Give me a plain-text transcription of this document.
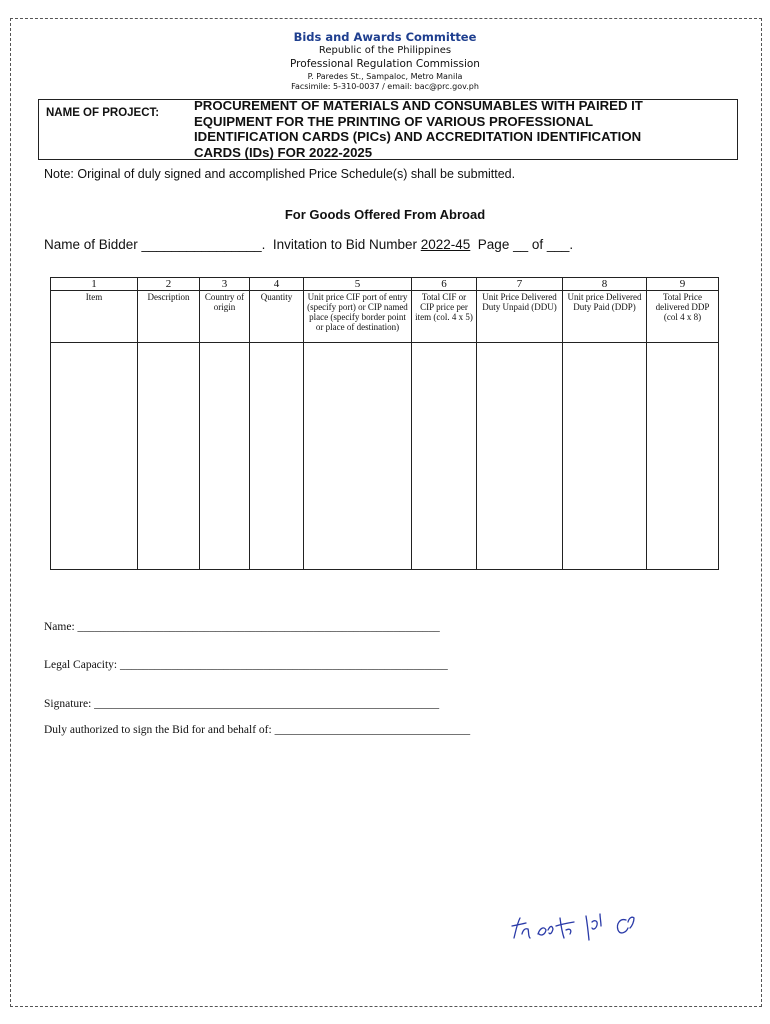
Bids and Awards Committee
Republic of the Philippines
Professional Regulation Commission
P. Paredes St., Sampaloc, Metro Manila
Facsimile: 5-310-0037 / email: bac@prc.gov.ph
NAME OF PROJECT:	PROCUREMENT OF MATERIALS AND CONSUMABLES WITH PAIRED IT
EQUIPMENT FOR THE PRINTING OF VARIOUS PROFESSIONAL
IDENTIFICATION CARDS (PICs) AND ACCREDITATION IDENTIFICATION
CARDS (IDs) FOR 2022-2025
Note: Original of duly signed and accomplished Price Schedule(s) shall be submitted.
For Goods Offered From Abroad
Name of Bidder ________________.  Invitation to Bid Number 2022-45  Page __ of ___.
1	2	3	4	5	6	7	8	9
Item	Description	Country of origin	Quantity	Unit price CIF port of entry (specify port) or CIP named place (specify border point or place of destination)	Total CIF or CIP price per item (col. 4 x 5)	Unit Price Delivered Duty Unpaid (DDU)	Unit price Delivered Duty Paid (DDP)	Total Price delivered DDP (col 4 x 8)

Name: _______________________________________________________________
Legal Capacity: _________________________________________________________
Signature: ____________________________________________________________
Duly authorized to sign the Bid for and behalf of: __________________________________
